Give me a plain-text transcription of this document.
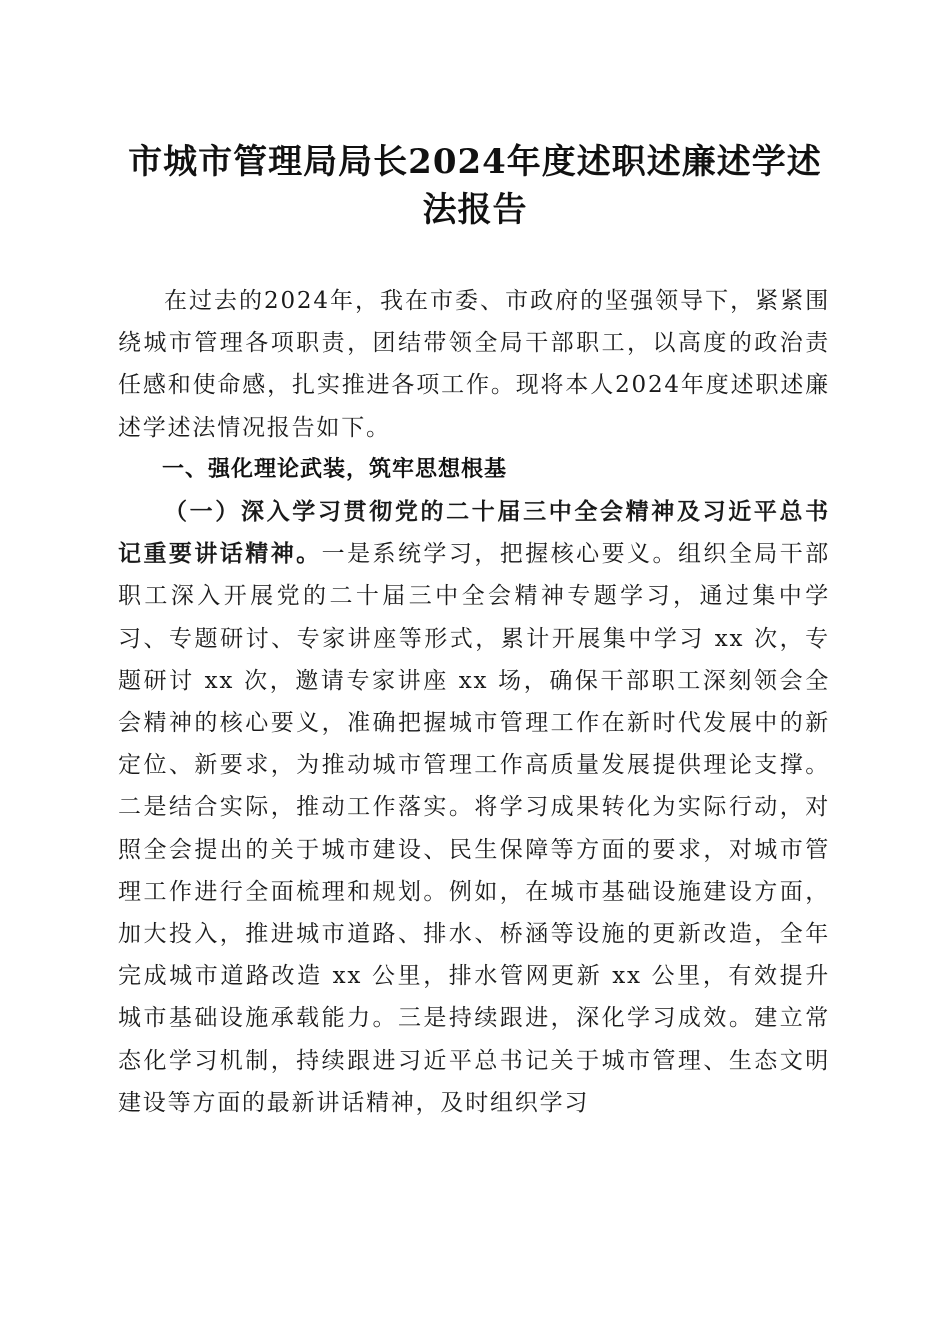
市城市管理局局长2024年度述职述廉述学述法报告

在过去的2024年，我在市委、市政府的坚强领导下，紧紧围绕城市管理各项职责，团结带领全局干部职工，以高度的政治责任感和使命感，扎实推进各项工作。现将本人2024年度述职述廉述学述法情况报告如下。

一、强化理论武装，筑牢思想根基

（一）深入学习贯彻党的二十届三中全会精神及习近平总书记重要讲话精神。一是系统学习，把握核心要义。组织全局干部职工深入开展党的二十届三中全会精神专题学习，通过集中学习、专题研讨、专家讲座等形式，累计开展集中学习 xx 次，专题研讨 xx 次，邀请专家讲座 xx 场，确保干部职工深刻领会全会精神的核心要义，准确把握城市管理工作在新时代发展中的新定位、新要求，为推动城市管理工作高质量发展提供理论支撑。二是结合实际，推动工作落实。将学习成果转化为实际行动，对照全会提出的关于城市建设、民生保障等方面的要求，对城市管理工作进行全面梳理和规划。例如，在城市基础设施建设方面，加大投入，推进城市道路、排水、桥涵等设施的更新改造，全年完成城市道路改造 xx 公里，排水管网更新 xx 公里，有效提升城市基础设施承载能力。三是持续跟进，深化学习成效。建立常态化学习机制，持续跟进习近平总书记关于城市管理、生态文明建设等方面的最新讲话精神，及时组织学习
